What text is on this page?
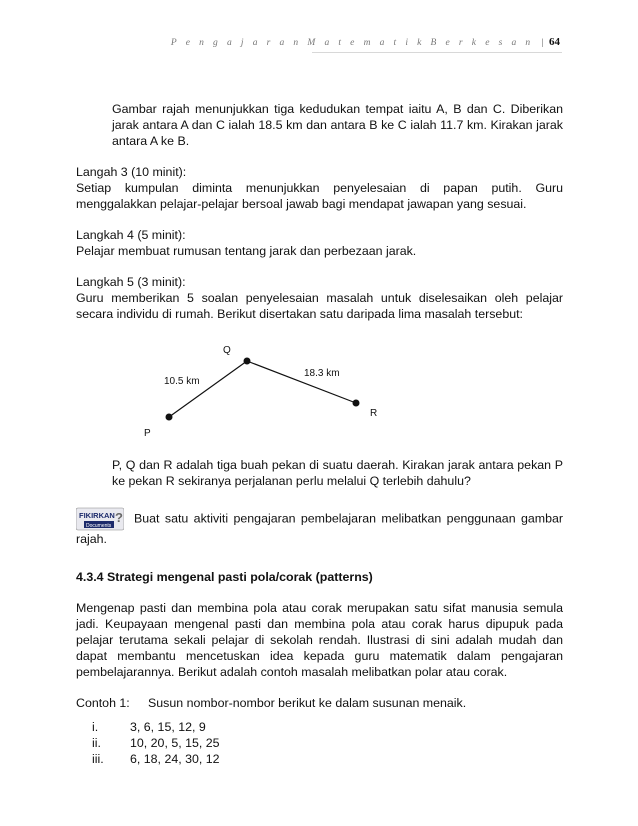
P e n g a j a r a n M a t e m a t i k B e r k e s a n | 64

Gambar rajah menunjukkan tiga kedudukan tempat iaitu A, B dan C. Diberikan jarak antara A dan C ialah 18.5 km dan antara B ke C ialah 11.7 km. Kirakan jarak antara A ke B.

Langah 3 (10 minit):

Setiap kumpulan diminta menunjukkan penyelesaian di papan putih. Guru menggalakkan pelajar-pelajar bersoal jawab bagi mendapat jawapan yang sesuai.

Langkah 4 (5 minit):

Pelajar membuat rumusan tentang jarak dan perbezaan jarak.

Langkah 5 (3 minit):

Guru memberikan 5 soalan penyelesaian masalah untuk diselesaikan oleh pelajar secara individu di rumah. Berikut disertakan satu daripada lima masalah tersebut:

Q
P
R
10.5 km
18.3 km

P, Q dan R adalah tiga buah pekan di suatu daerah. Kirakan jarak antara pekan P ke pekan R sekiranya perjalanan perlu melalui Q terlebih dahulu?

FIKIRKAN ?
Documents
Buat satu aktiviti pengajaran pembelajaran melibatkan penggunaan gambar rajah.

4.3.4 Strategi mengenal pasti pola/corak (patterns)

Mengenap pasti dan membina pola atau corak merupakan satu sifat manusia semula jadi. Keupayaan mengenal pasti dan membina pola atau corak harus dipupuk pada pelajar terutama sekali pelajar di sekolah rendah. Ilustrasi di sini adalah mudah dan dapat membantu mencetuskan idea kepada guru matematik dalam pengajaran pembelajarannya. Berikut adalah contoh masalah melibatkan polar atau corak.

Contoh 1:	Susun nombor-nombor berikut ke dalam susunan menaik.
i.	3, 6, 15, 12, 9
ii.	10, 20, 5, 15, 25
iii.	6, 18, 24, 30, 12
